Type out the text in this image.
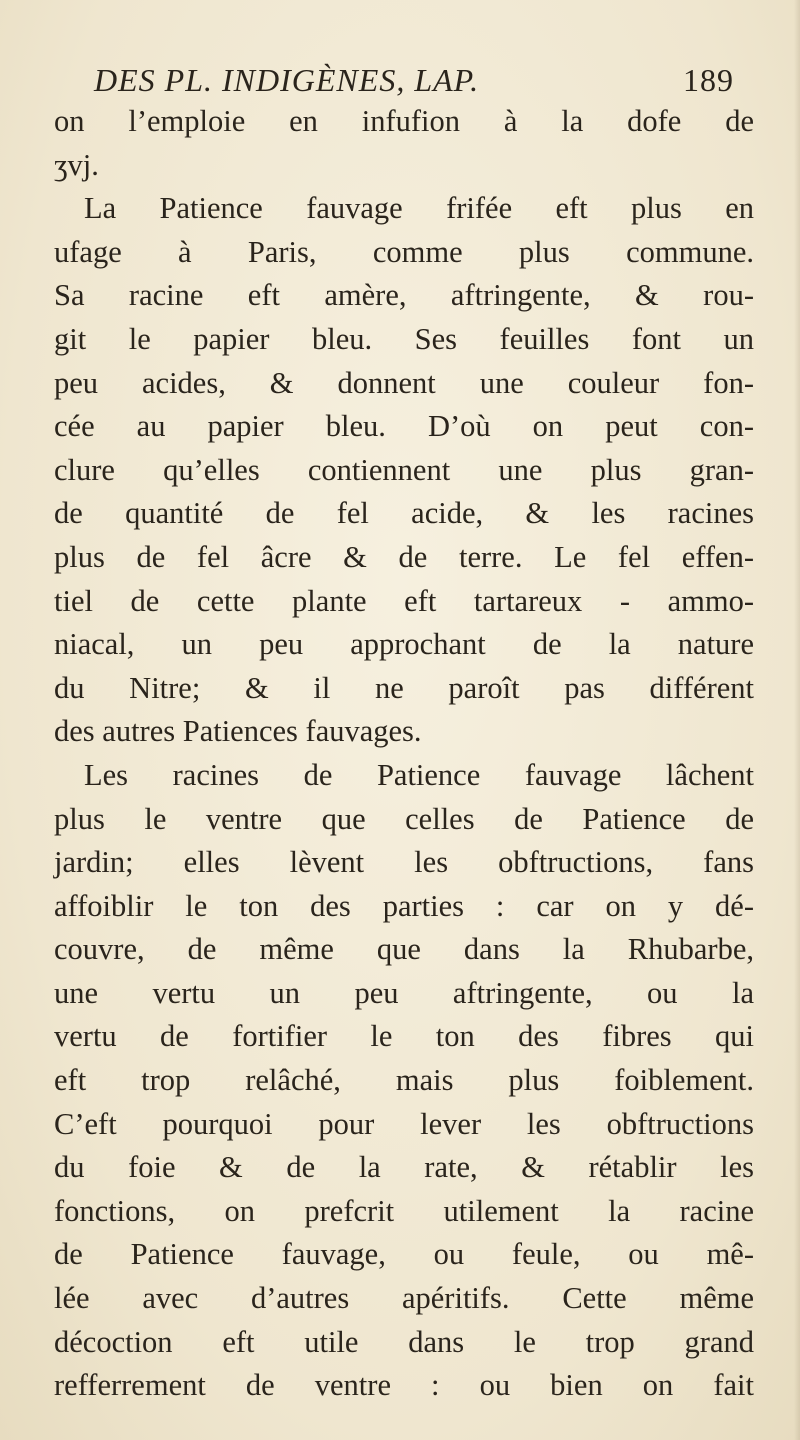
DES PL. INDIGÈNES, LAP.	189
on l’emploie en infufion à la dofe de
ʒvj.
La Patience fauvage frifée eft plus en
ufage à Paris, comme plus commune.
Sa racine eft amère, aftringente, & rou-
git le papier bleu. Ses feuilles font un
peu acides, & donnent une couleur fon-
cée au papier bleu. D’où on peut con-
clure qu’elles contiennent une plus gran-
de quantité de fel acide, & les racines
plus de fel âcre & de terre. Le fel effen-
tiel de cette plante eft tartareux - ammo-
niacal, un peu approchant de la nature
du Nitre; & il ne paroît pas différent
des autres Patiences fauvages.
Les racines de Patience fauvage lâchent
plus le ventre que celles de Patience de
jardin; elles lèvent les obftructions, fans
affoiblir le ton des parties : car on y dé-
couvre, de même que dans la Rhubarbe,
une vertu un peu aftringente, ou la
vertu de fortifier le ton des fibres qui
eft trop relâché, mais plus foiblement.
C’eft pourquoi pour lever les obftructions
du foie & de la rate, & rétablir les
fonctions, on prefcrit utilement la racine
de Patience fauvage, ou feule, ou mê-
lée avec d’autres apéritifs. Cette même
décoction eft utile dans le trop grand
refferrement de ventre : ou bien on fait
